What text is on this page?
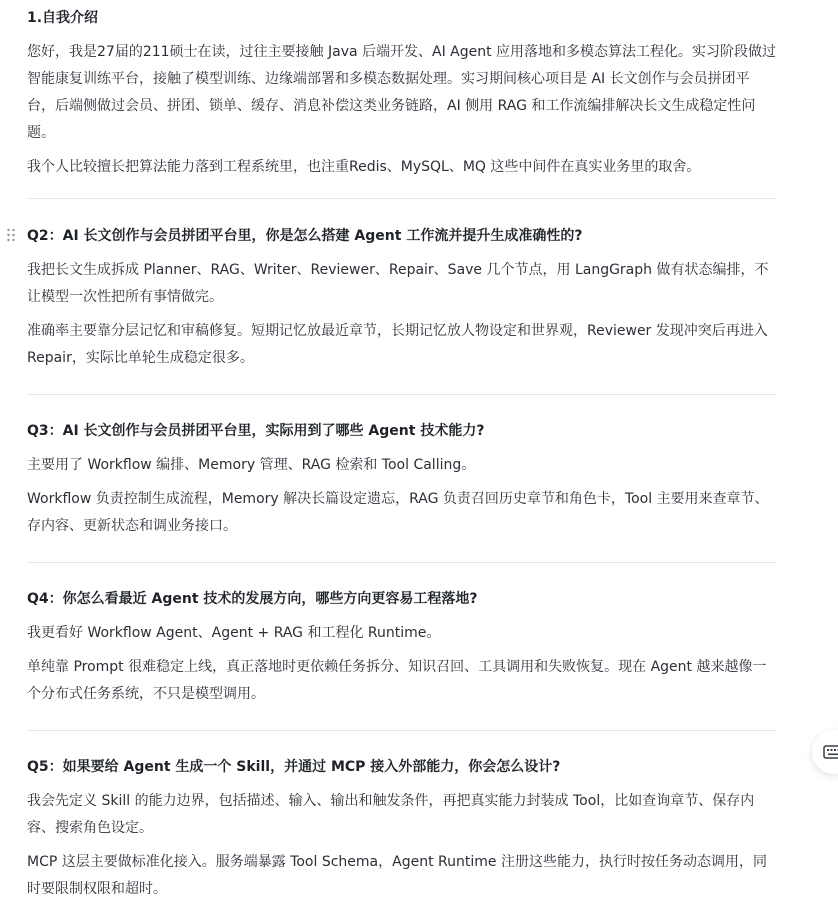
1.自我介绍

您好，我是27届的211硕士在读，过往主要接触 Java 后端开发、AI Agent 应用落地和多模态算法工程化。实习阶段做过智能康复训练平台，接触了模型训练、边缘端部署和多模态数据处理。实习期间核心项目是 AI 长文创作与会员拼团平台，后端侧做过会员、拼团、锁单、缓存、消息补偿这类业务链路，AI 侧用 RAG 和工作流编排解决长文生成稳定性问题。

我个人比较擅长把算法能力落到工程系统里，也注重Redis、MySQL、MQ 这些中间件在真实业务里的取舍。

Q2：AI 长文创作与会员拼团平台里，你是怎么搭建 Agent 工作流并提升生成准确性的?

我把长文生成拆成 Planner、RAG、Writer、Reviewer、Repair、Save 几个节点，用 LangGraph 做有状态编排，不让模型一次性把所有事情做完。

准确率主要靠分层记忆和审稿修复。短期记忆放最近章节，长期记忆放人物设定和世界观，Reviewer 发现冲突后再进入 Repair，实际比单轮生成稳定很多。

Q3：AI 长文创作与会员拼团平台里，实际用到了哪些 Agent 技术能力?

主要用了 Workflow 编排、Memory 管理、RAG 检索和 Tool Calling。

Workflow 负责控制生成流程，Memory 解决长篇设定遗忘，RAG 负责召回历史章节和角色卡，Tool 主要用来查章节、存内容、更新状态和调业务接口。

Q4：你怎么看最近 Agent 技术的发展方向，哪些方向更容易工程落地?

我更看好 Workflow Agent、Agent + RAG 和工程化 Runtime。

单纯靠 Prompt 很难稳定上线，真正落地时更依赖任务拆分、知识召回、工具调用和失败恢复。现在 Agent 越来越像一个分布式任务系统，不只是模型调用。

Q5：如果要给 Agent 生成一个 Skill，并通过 MCP 接入外部能力，你会怎么设计?

我会先定义 Skill 的能力边界，包括描述、输入、输出和触发条件，再把真实能力封装成 Tool，比如查询章节、保存内容、搜索角色设定。

MCP 这层主要做标准化接入。服务端暴露 Tool Schema，Agent Runtime 注册这些能力，执行时按任务动态调用，同时要限制权限和超时。
